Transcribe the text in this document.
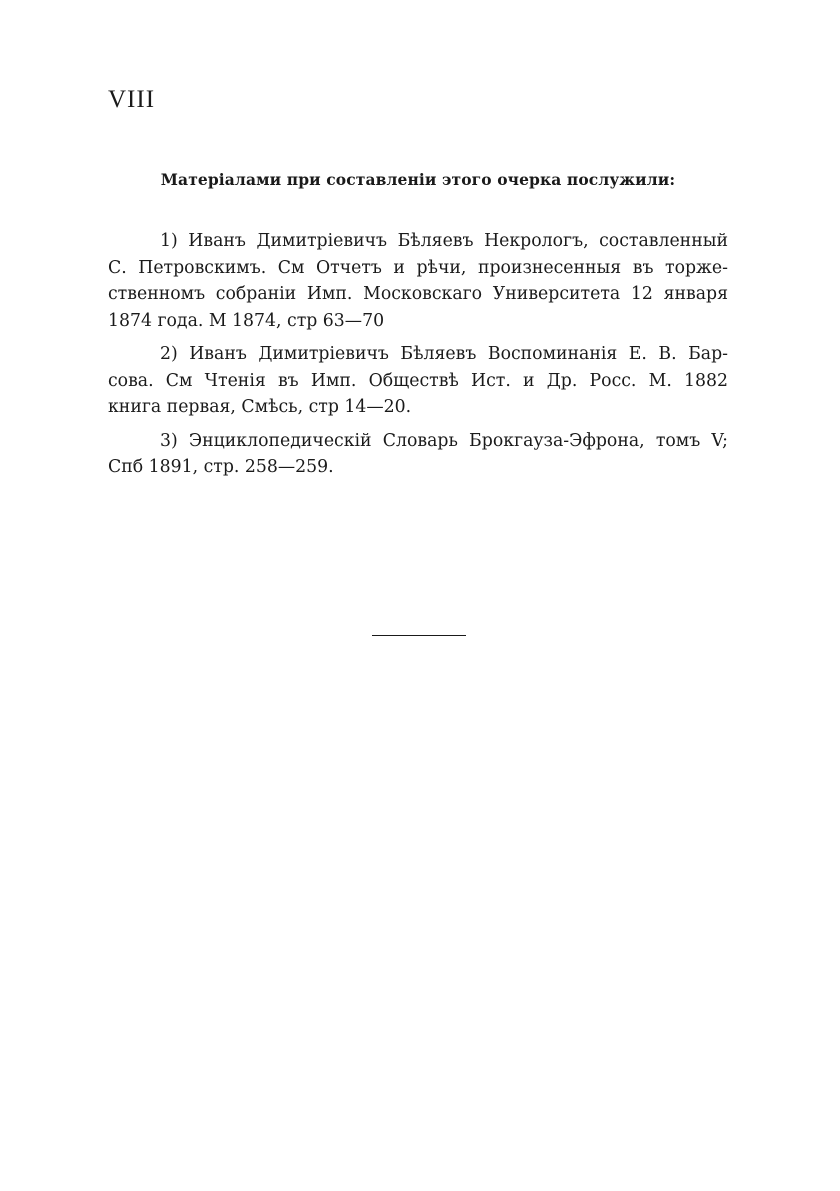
VIII
Матеріалами при составленіи этого очерка послужили:
1) Иванъ Димитріевичъ Бѣляевъ Некрологъ, составленный
С. Петровскимъ. См Отчетъ и рѣчи, произнесенныя въ торже-
ственномъ собраніи Имп. Московскаго Университета 12 января
1874 года. М 1874, стр 63—70
2) Иванъ Димитріевичъ Бѣляевъ Воспоминанія Е. В. Бар-
сова. См Чтенія въ Имп. Обществѣ Ист. и Др. Росс. М. 1882
книга первая, Смѣсь, стр 14—20.
3) Энциклопедическій Словарь Брокгауза-Эфрона, томъ V;
Спб 1891, стр. 258—259.
